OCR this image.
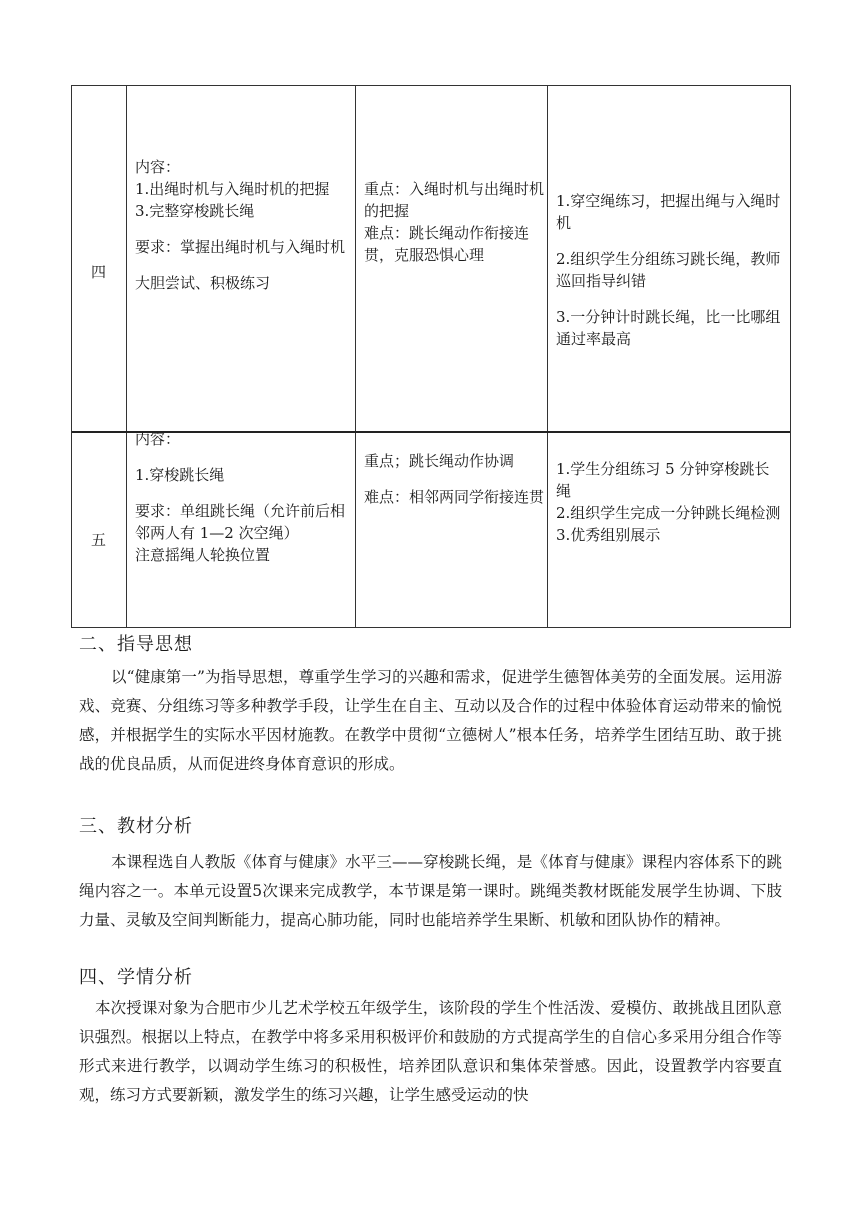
四

内容：

1.出绳时机与入绳时机的把握

3.完整穿梭跳长绳

要求：掌握出绳时机与入绳时机

大胆尝试、积极练习

重点：入绳时机与出绳时机的把握

难点：跳长绳动作衔接连贯，克服恐惧心理

1.穿空绳练习，把握出绳与入绳时机

2.组织学生分组练习跳长绳，教师巡回指导纠错

3.一分钟计时跳长绳，比一比哪组通过率最高

五

内容：

1.穿梭跳长绳

要求：单组跳长绳（允许前后相邻两人有 1—2 次空绳）

注意摇绳人轮换位置

重点；跳长绳动作协调

难点：相邻两同学衔接连贯

1.学生分组练习 5 分钟穿梭跳长绳

2.组织学生完成一分钟跳长绳检测

3.优秀组别展示

二、指导思想
以“健康第一”为指导思想，尊重学生学习的兴趣和需求，促进学生德智体美劳的全面发展。运用游戏、竞赛、分组练习等多种教学手段，让学生在自主、互动以及合作的过程中体验体育运动带来的愉悦感，并根据学生的实际水平因材施教。在教学中贯彻“立德树人”根本任务，培养学生团结互助、敢于挑战的优良品质，从而促进终身体育意识的形成。
三、教材分析
本课程选自人教版《体育与健康》水平三——穿梭跳长绳，是《体育与健康》课程内容体系下的跳绳内容之一。本单元设置5次课来完成教学，本节课是第一课时。跳绳类教材既能发展学生协调、下肢力量、灵敏及空间判断能力，提高心肺功能，同时也能培养学生果断、机敏和团队协作的精神。
四、学情分析
本次授课对象为合肥市少儿艺术学校五年级学生，该阶段的学生个性活泼、爱模仿、敢挑战且团队意识强烈。根据以上特点，在教学中将多采用积极评价和鼓励的方式提高学生的自信心多采用分组合作等形式来进行教学，以调动学生练习的积极性，培养团队意识和集体荣誉感。因此，设置教学内容要直观，练习方式要新颖，激发学生的练习兴趣，让学生感受运动的快
